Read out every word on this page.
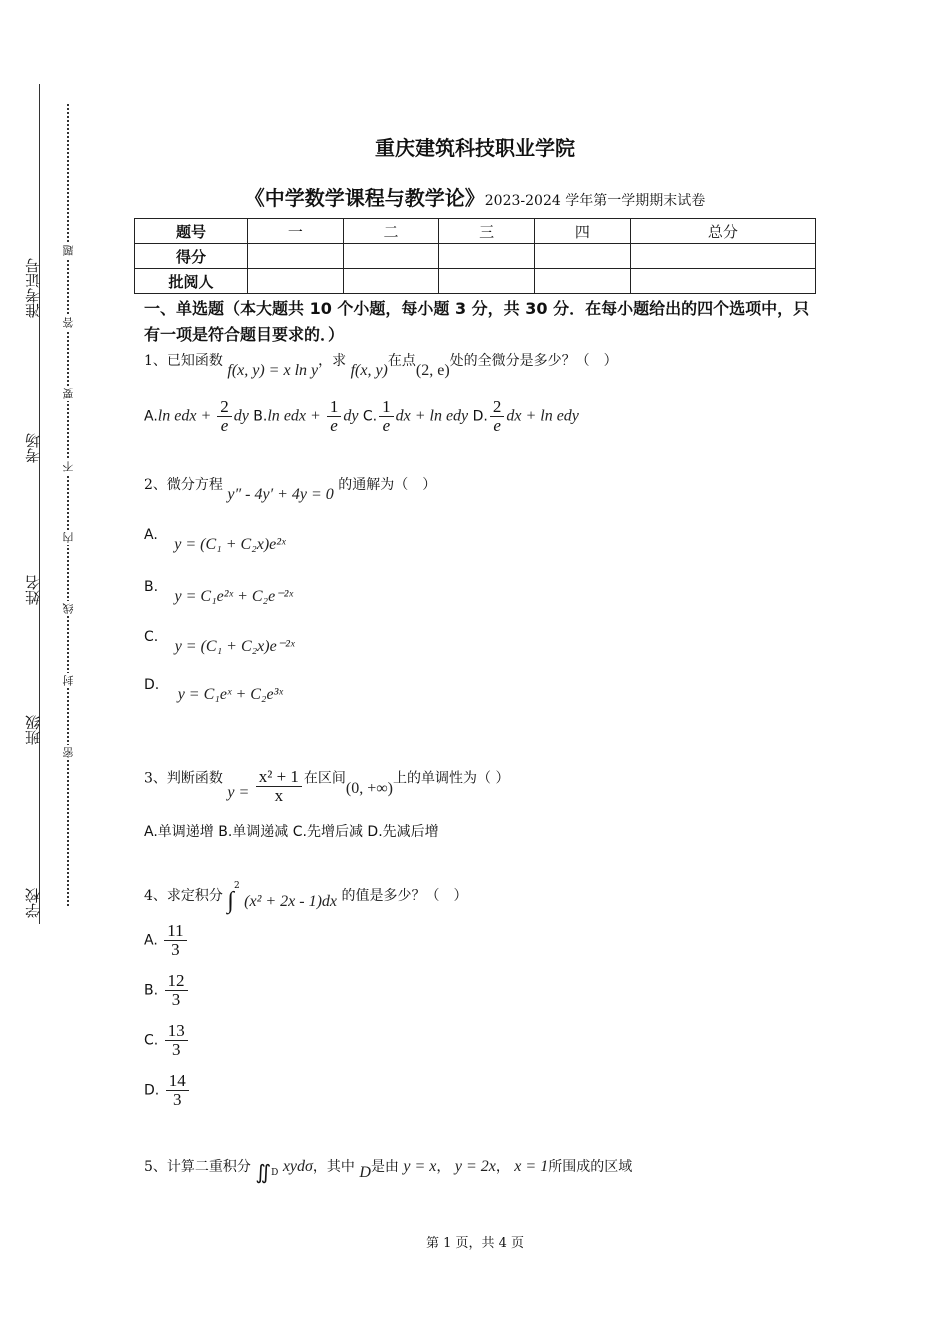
准考证号
考场
姓名
班级
学校
题
答
要
不
内
线
封
密
重庆建筑科技职业学院
《中学数学课程与教学论》2023-2024 学年第一学期期末试卷
题号	一	二	三	四	总分
得分					
批阅人					
一、单选题（本大题共 10 个小题，每小题 3 分，共 30 分．在每小题给出的四个选项中，只有一项是符合题目要求的．）
1、已知函数 f(x, y) = x ln y，求 f(x, y)在点(2, e)处的全微分是多少？（　）
A.ln edx + $\frac{2}{e}$ dy B.ln edx + $\frac{1}{e}$ dy C. $\frac{1}{e}$ dx + ln edy D. $\frac{2}{e}$ dx + ln edy
2、微分方程 y″ - 4y′ + 4y = 0 的通解为（　）
A. y = (C₁ + C₂x)e²ˣ
B. y = C₁e²ˣ + C₂e⁻²ˣ
C. y = (C₁ + C₂x)e⁻²ˣ
D. y = C₁eˣ + C₂e³ˣ
3、判断函数 $y = \frac{\text{x² + 1}}{x}$ 在区间(0, +∞)上的单调性为（ ）
A.单调递增 B.单调递减 C.先增后减 D.先减后增
4、求定积分 ∫$^2$ (x² + 2x - 1)dx 的值是多少？（　）
A. $\frac{11}{3}$
B. $\frac{12}{3}$
C. $\frac{13}{3}$
D. $\frac{14}{3}$
5、计算二重积分 $∬_D$ xydσ，其中 D是由 y = x， y = 2x， x = 1所围成的区域
第 1 页，共 4 页
